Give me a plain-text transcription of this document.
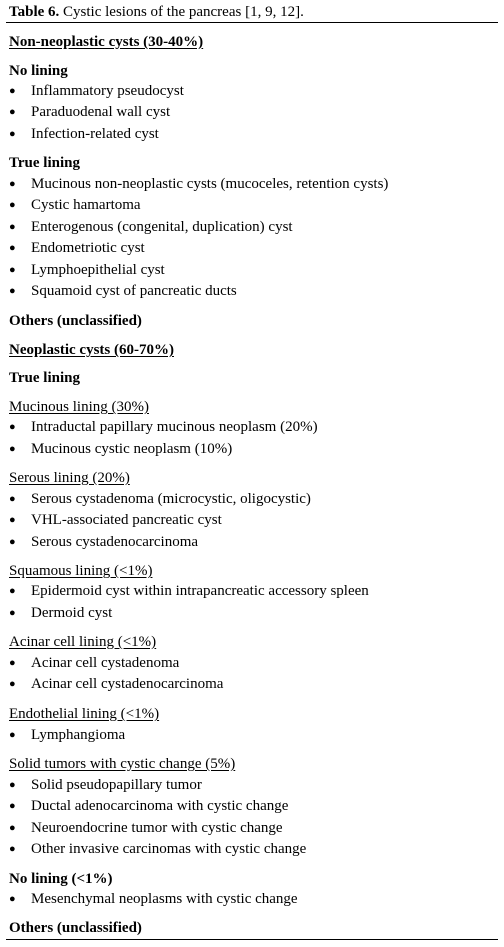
Table 6. Cystic lesions of the pancreas [1, 9, 12].
Non-neoplastic cysts (30-40%)
No lining
● Inflammatory pseudocyst
● Paraduodenal wall cyst
● Infection-related cyst
True lining
● Mucinous non-neoplastic cysts (mucoceles, retention cysts)
● Cystic hamartoma
● Enterogenous (congenital, duplication) cyst
● Endometriotic cyst
● Lymphoepithelial cyst
● Squamoid cyst of pancreatic ducts
Others (unclassified)
Neoplastic cysts (60-70%)
True lining
Mucinous lining (30%)
● Intraductal papillary mucinous neoplasm (20%)
● Mucinous cystic neoplasm (10%)
Serous lining (20%)
● Serous cystadenoma (microcystic, oligocystic)
● VHL-associated pancreatic cyst
● Serous cystadenocarcinoma
Squamous lining (<1%)
● Epidermoid cyst within intrapancreatic accessory spleen
● Dermoid cyst
Acinar cell lining (<1%)
● Acinar cell cystadenoma
● Acinar cell cystadenocarcinoma
Endothelial lining (<1%)
● Lymphangioma
Solid tumors with cystic change (5%)
● Solid pseudopapillary tumor
● Ductal adenocarcinoma with cystic change
● Neuroendocrine tumor with cystic change
● Other invasive carcinomas with cystic change
No lining (<1%)
● Mesenchymal neoplasms with cystic change
Others (unclassified)
